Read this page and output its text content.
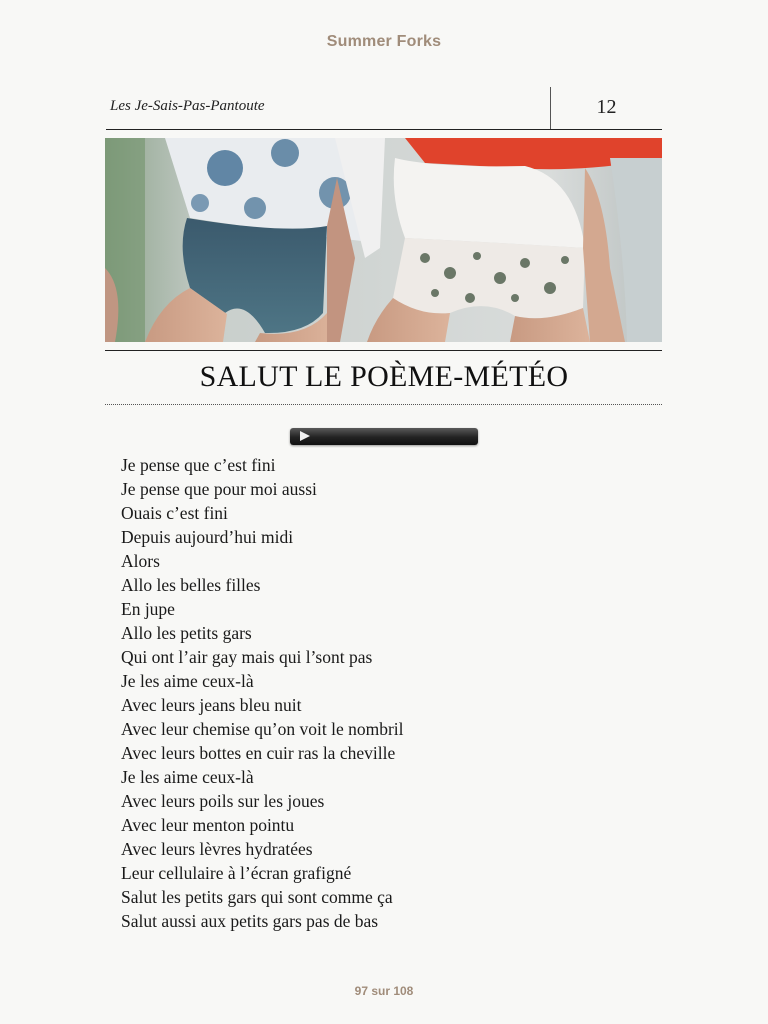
Summer Forks
Les Je-Sais-Pas-Pantoute	12
SALUT LE POÈME-MÉTÉO
Je pense que c’est fini
Je pense que pour moi aussi
Ouais c’est fini
Depuis aujourd’hui midi
Alors
Allo les belles filles
En jupe
Allo les petits gars
Qui ont l’air gay mais qui l’sont pas
Je les aime ceux-là
Avec leurs jeans bleu nuit
Avec leur chemise qu’on voit le nombril
Avec leurs bottes en cuir ras la cheville
Je les aime ceux-là
Avec leurs poils sur les joues
Avec leur menton pointu
Avec leurs lèvres hydratées
Leur cellulaire à l’écran grafigné
Salut les petits gars qui sont comme ça
Salut aussi aux petits gars pas de bas
97 sur 108
